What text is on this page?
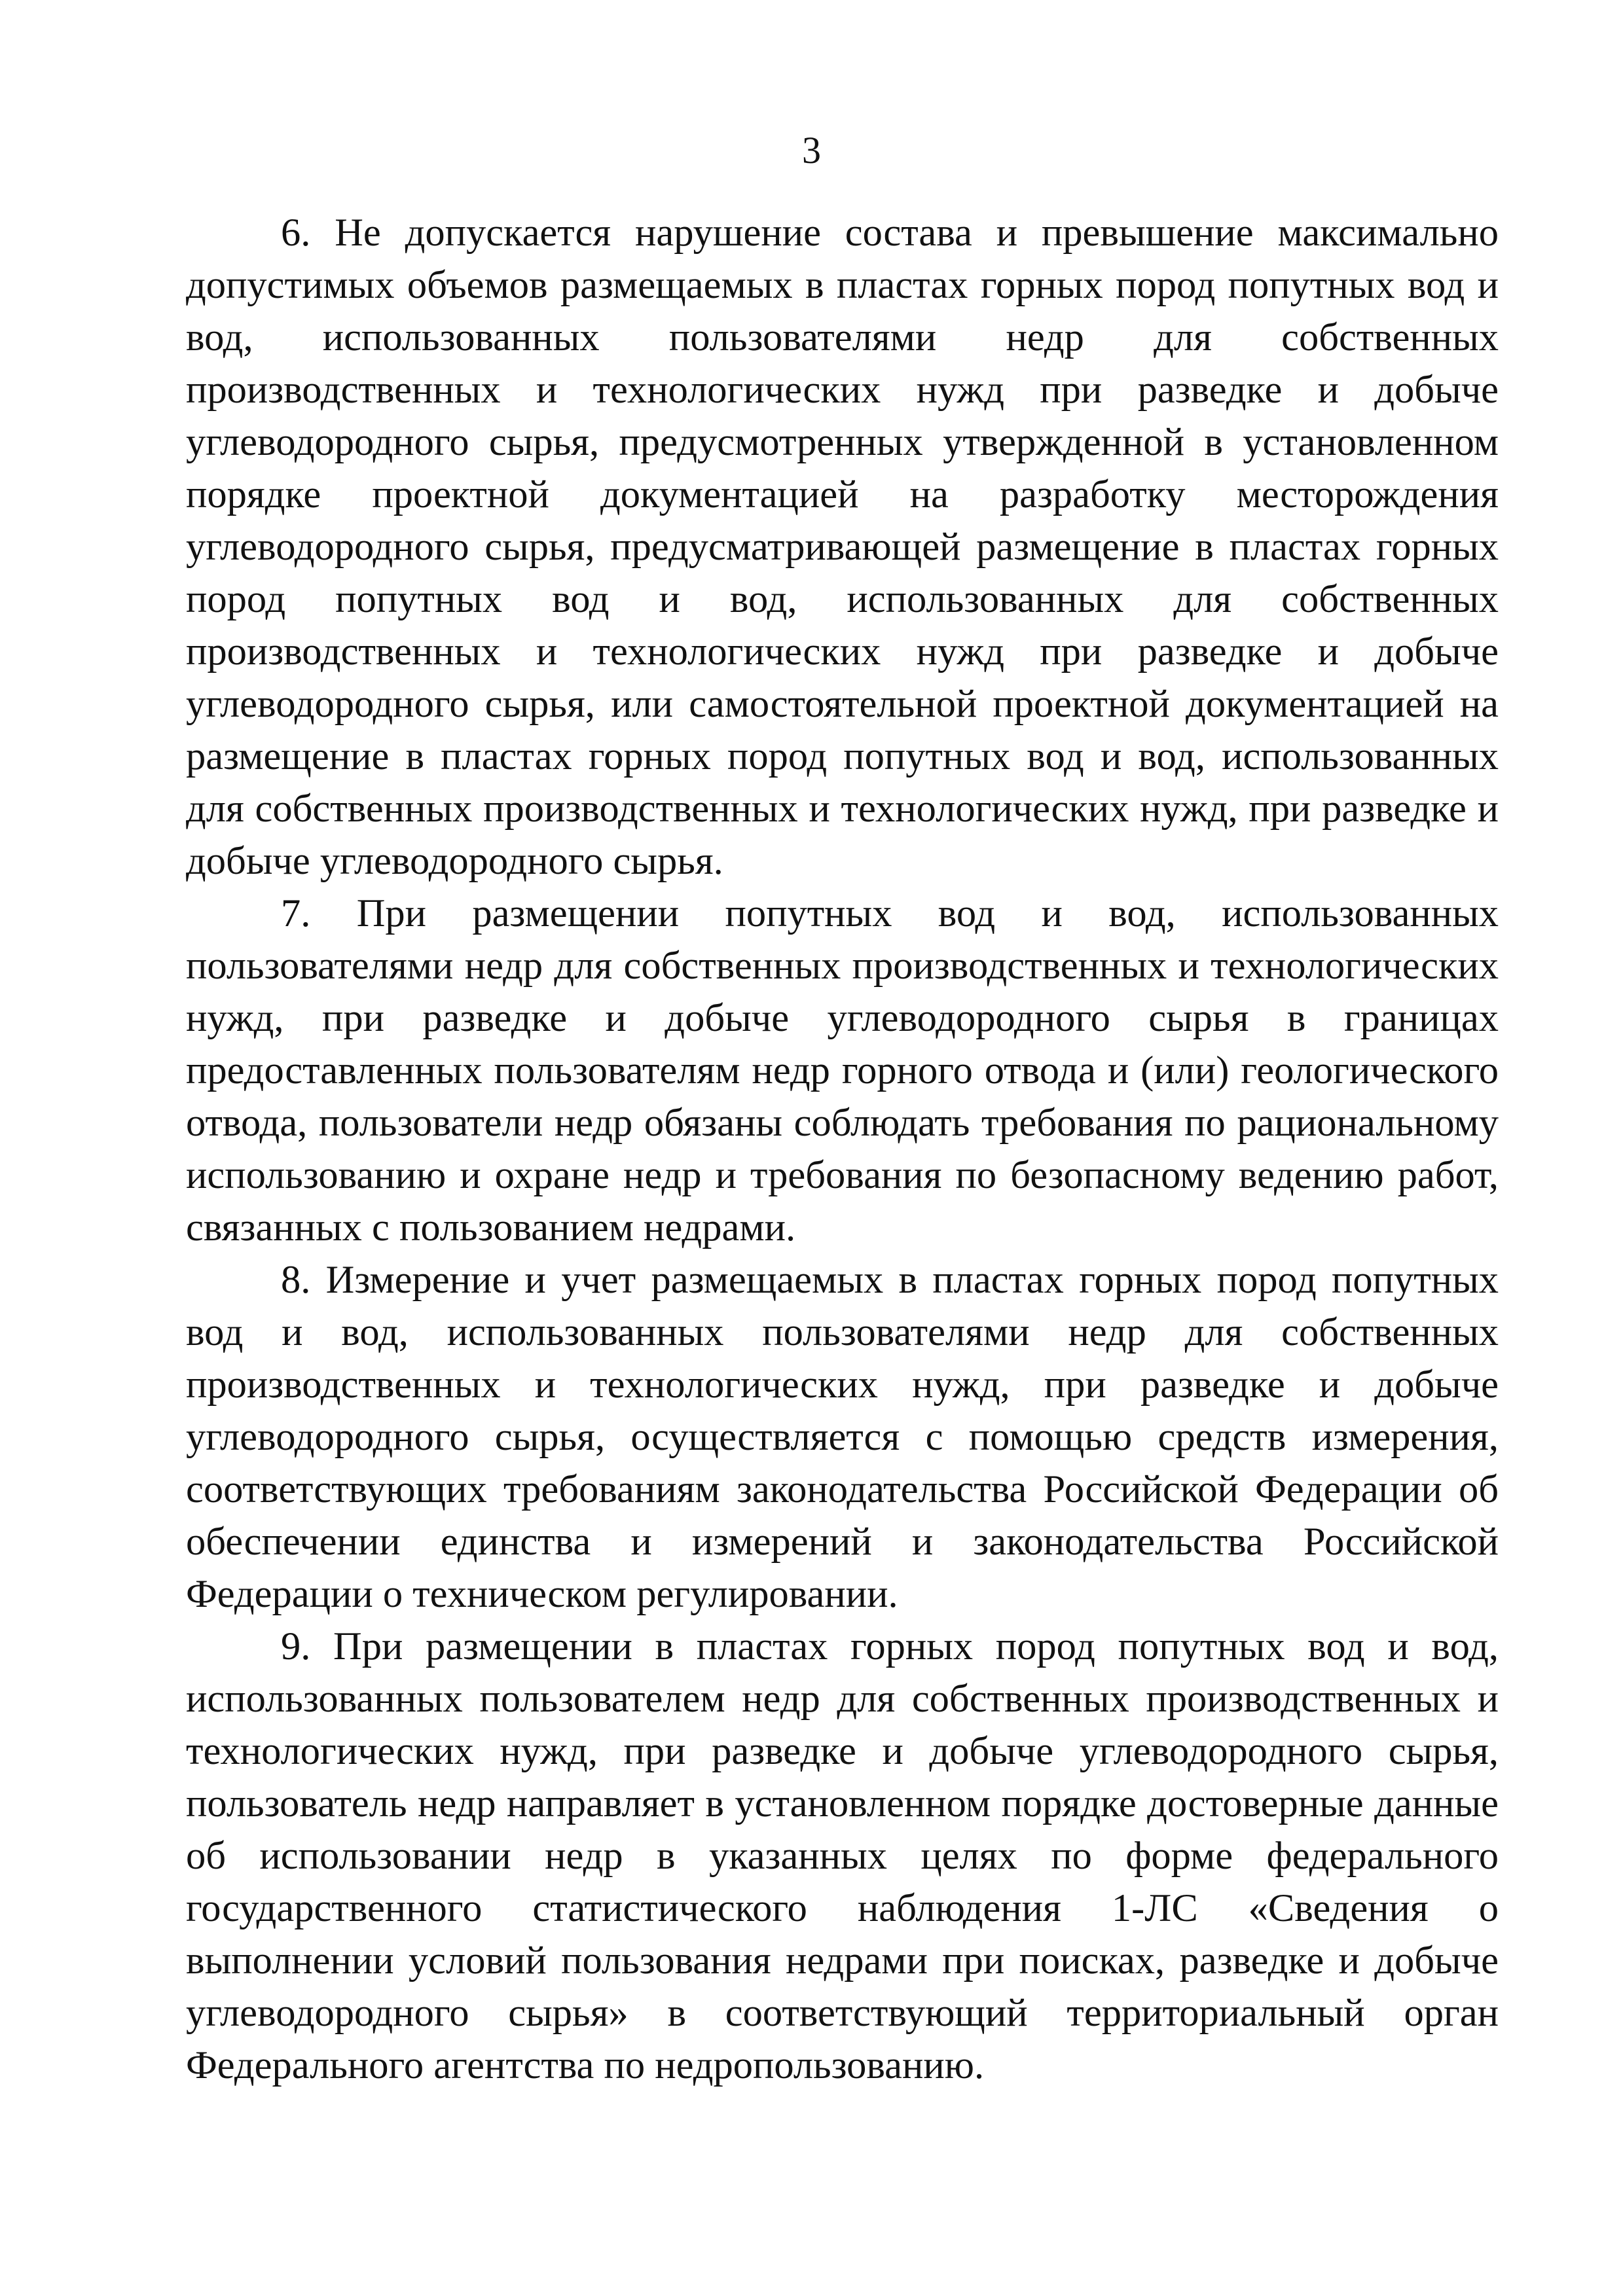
3

6. Не допускается нарушение состава и превышение максимально допустимых объемов размещаемых в пластах горных пород попутных вод и вод, использованных пользователями недр для собственных производственных и технологических нужд при разведке и добыче углеводородного сырья, предусмотренных утвержденной в установленном порядке проектной документацией на разработку месторождения углеводородного сырья, предусматривающей размещение в пластах горных пород попутных вод и вод, использованных для собственных производственных и технологических нужд при разведке и добыче углеводородного сырья, или самостоятельной проектной документацией на размещение в пластах горных пород попутных вод и вод, использованных для собственных производственных и технологических нужд, при разведке и добыче углеводородного сырья.

7. При размещении попутных вод и вод, использованных пользователями недр для собственных производственных и технологических нужд, при разведке и добыче углеводородного сырья в границах предоставленных пользователям недр горного отвода и (или) геологического отвода, пользователи недр обязаны соблюдать требования по рациональному использованию и охране недр и требования по безопасному ведению работ, связанных с пользованием недрами.

8. Измерение и учет размещаемых в пластах горных пород попутных вод и вод, использованных пользователями недр для собственных производственных и технологических нужд, при разведке и добыче углеводородного сырья, осуществляется с помощью средств измерения, соответствующих требованиям законодательства Российской Федерации об обеспечении единства и измерений и законодательства Российской Федерации о техническом регулировании.

9. При размещении в пластах горных пород попутных вод и вод, использованных пользователем недр для собственных производственных и технологических нужд, при разведке и добыче углеводородного сырья, пользователь недр направляет в установленном порядке достоверные данные об использовании недр в указанных целях по форме федерального государственного статистического наблюдения 1-ЛС «Сведения о выполнении условий пользования недрами при поисках, разведке и добыче углеводородного сырья» в соответствующий территориальный орган Федерального агентства по недропользованию.
